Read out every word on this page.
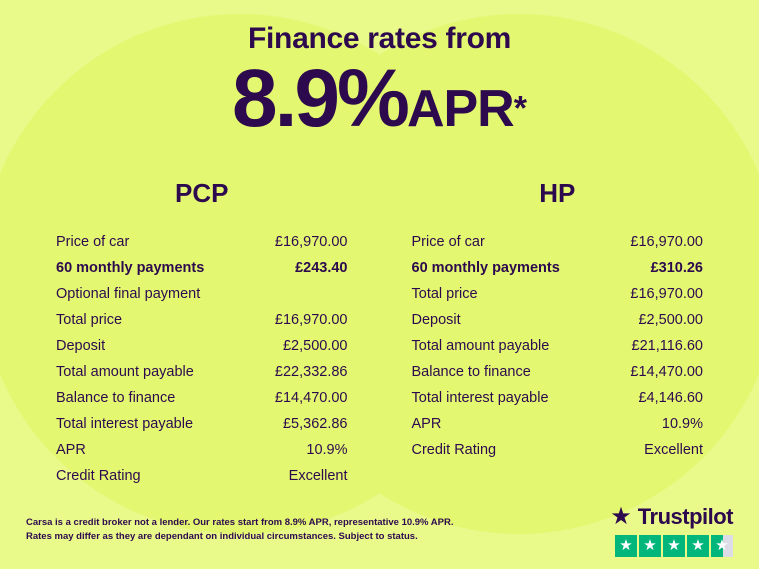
Finance rates from
8.9%APR*
PCP
Price of car	£16,970.00
60 monthly payments	£243.40
Optional final payment
Total price	£16,970.00
Deposit	£2,500.00
Total amount payable	£22,332.86
Balance to finance	£14,470.00
Total interest payable	£5,362.86
APR	10.9%
Credit Rating	Excellent
HP
Price of car	£16,970.00
60 monthly payments	£310.26
Total price	£16,970.00
Deposit	£2,500.00
Total amount payable	£21,116.60
Balance to finance	£14,470.00
Total interest payable	£4,146.60
APR	10.9%
Credit Rating	Excellent
Carsa is a credit broker not a lender. Our rates start from 8.9% APR, representative 10.9% APR.
Rates may differ as they are dependant on individual circumstances. Subject to status.
★ Trustpilot
★ ★ ★ ★ ★
